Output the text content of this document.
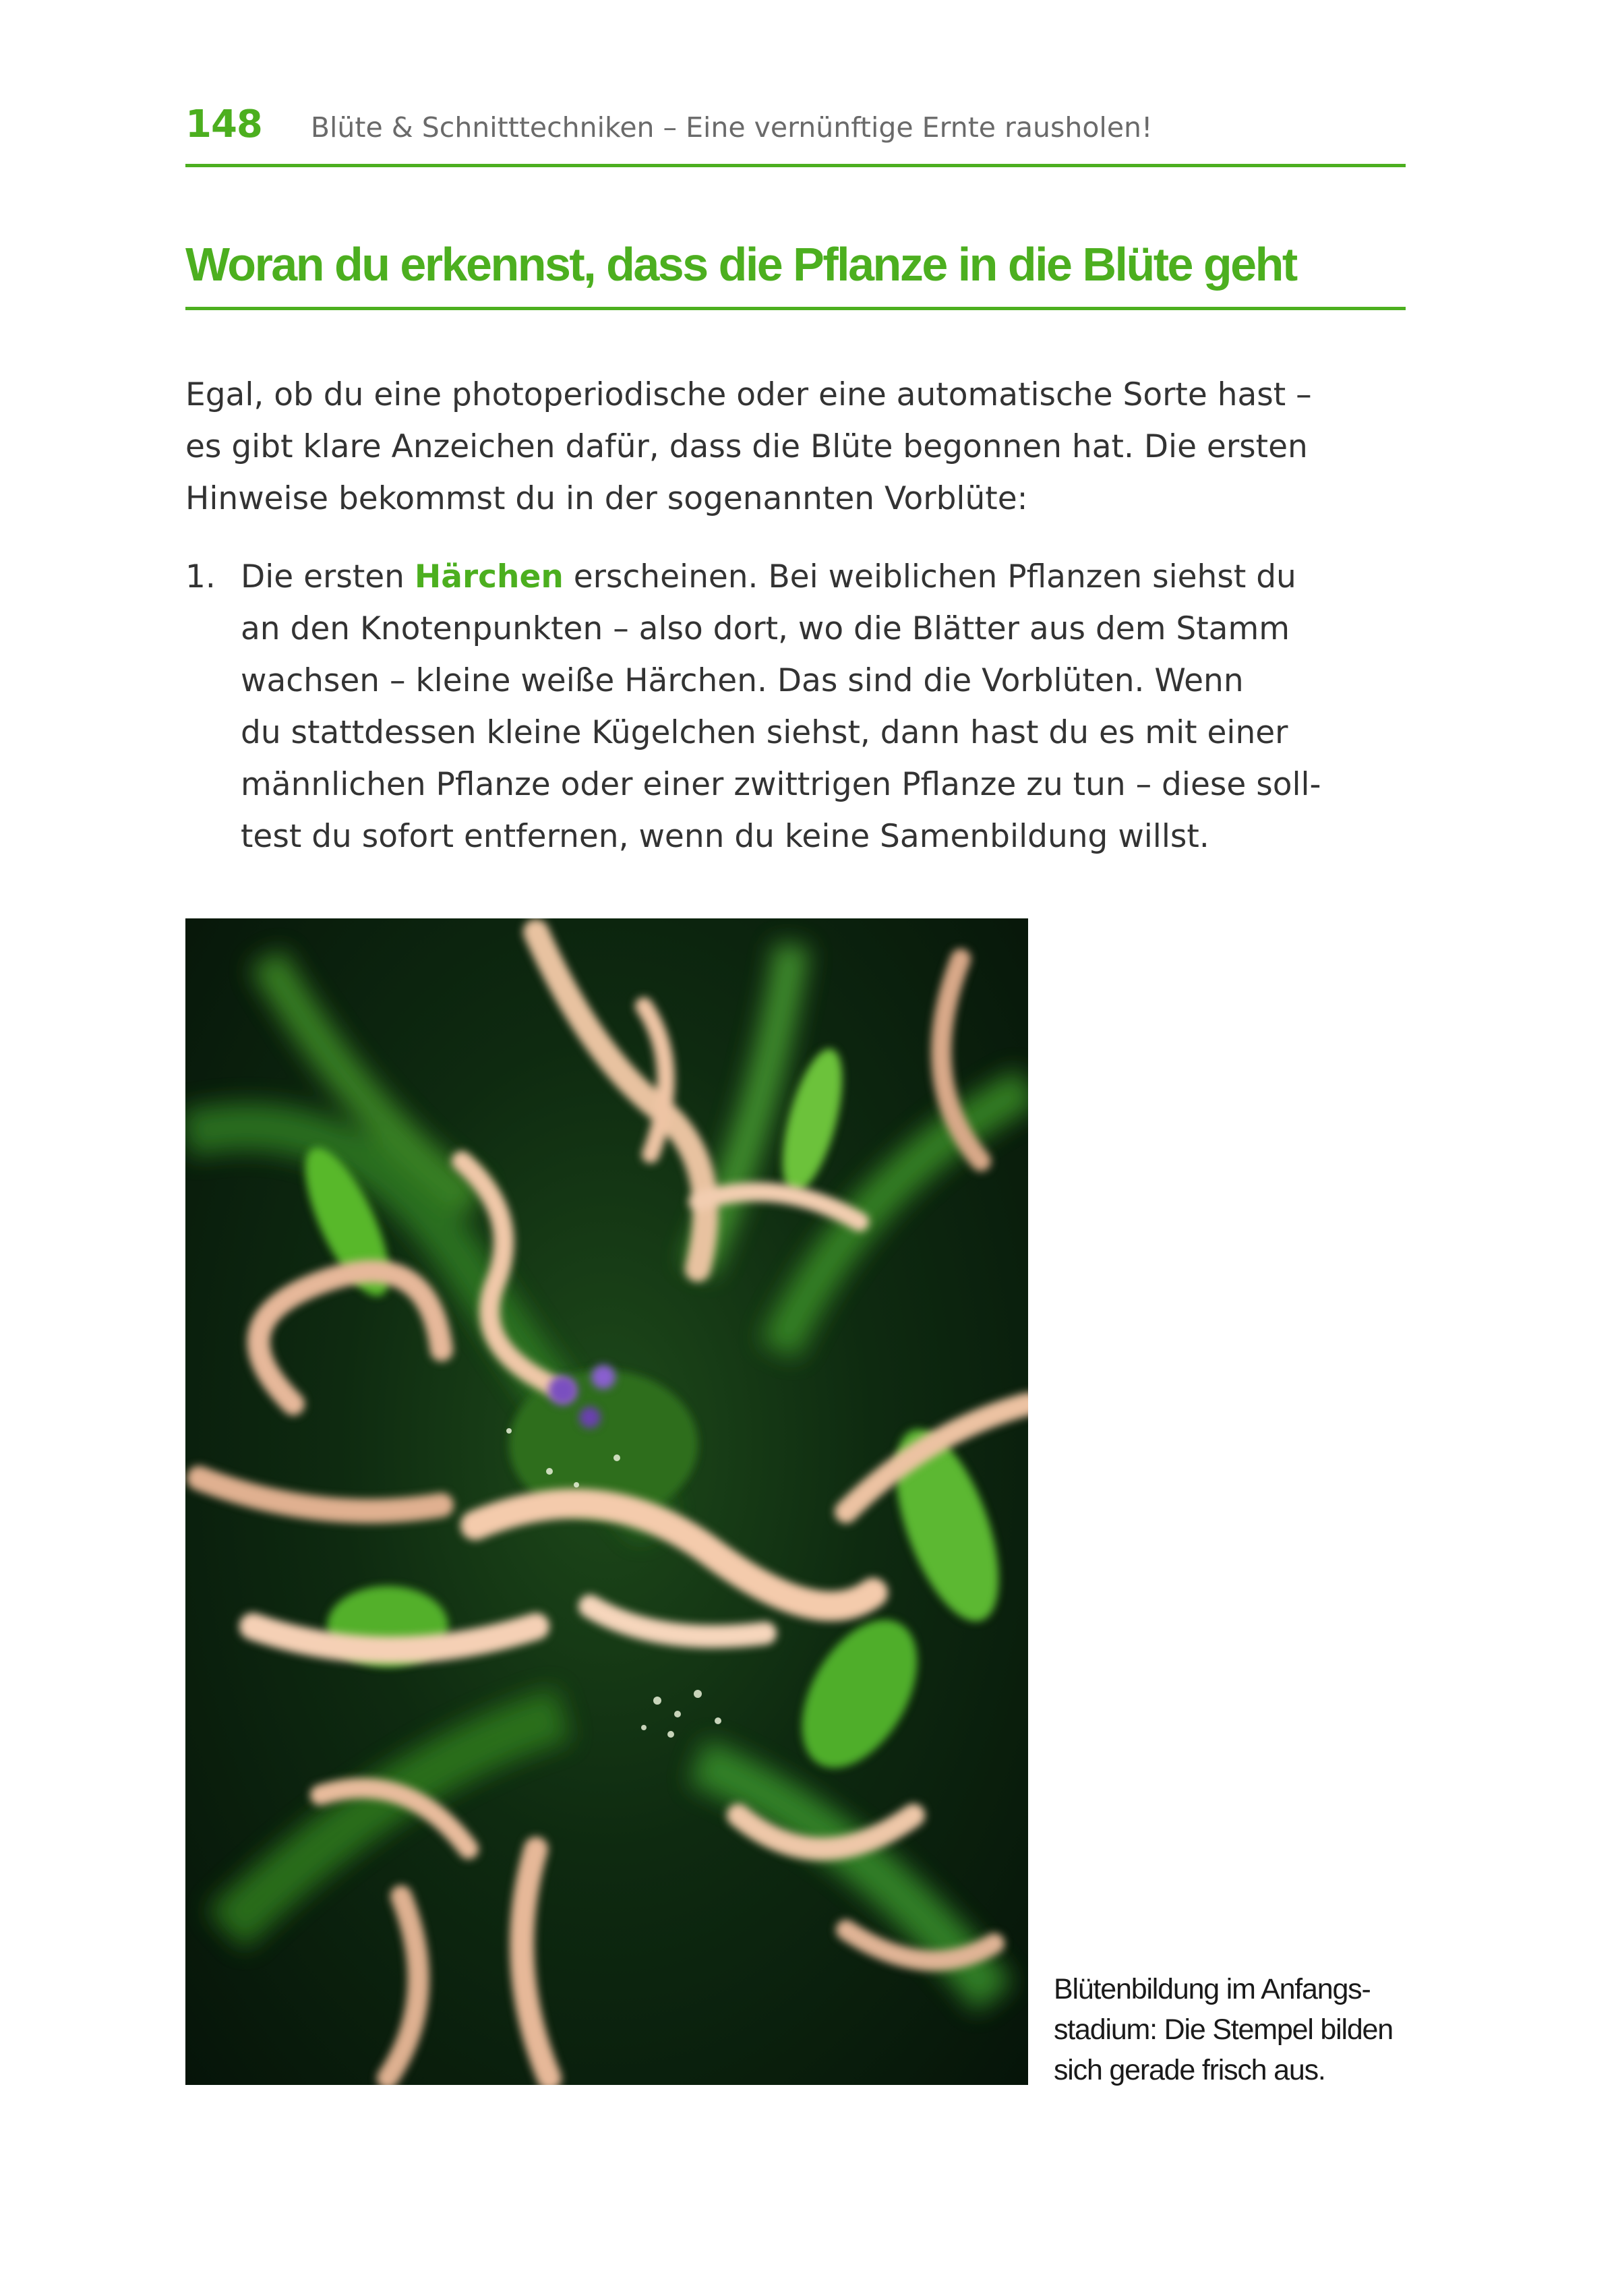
148 Blüte & Schnitttechniken – Eine vernünftige Ernte rausholen!
Woran du erkennst, dass die Pflanze in die Blüte geht

Egal, ob du eine photoperiodische oder eine automatische Sorte hast –
es gibt klare Anzeichen dafür, dass die Blüte begonnen hat. Die ersten
Hinweise bekommst du in der sogenannten Vorblüte:

1. Die ersten Härchen erscheinen. Bei weiblichen Pflanzen siehst du
an den Knotenpunkten – also dort, wo die Blätter aus dem Stamm
wachsen – kleine weiße Härchen. Das sind die Vorblüten. Wenn
du stattdessen kleine Kügelchen siehst, dann hast du es mit einer
männlichen Pflanze oder einer zwittrigen Pflanze zu tun – diese soll-
test du sofort entfernen, wenn du keine Samenbildung willst.

Blütenbildung im Anfangs-
stadium: Die Stempel bilden
sich gerade frisch aus.
